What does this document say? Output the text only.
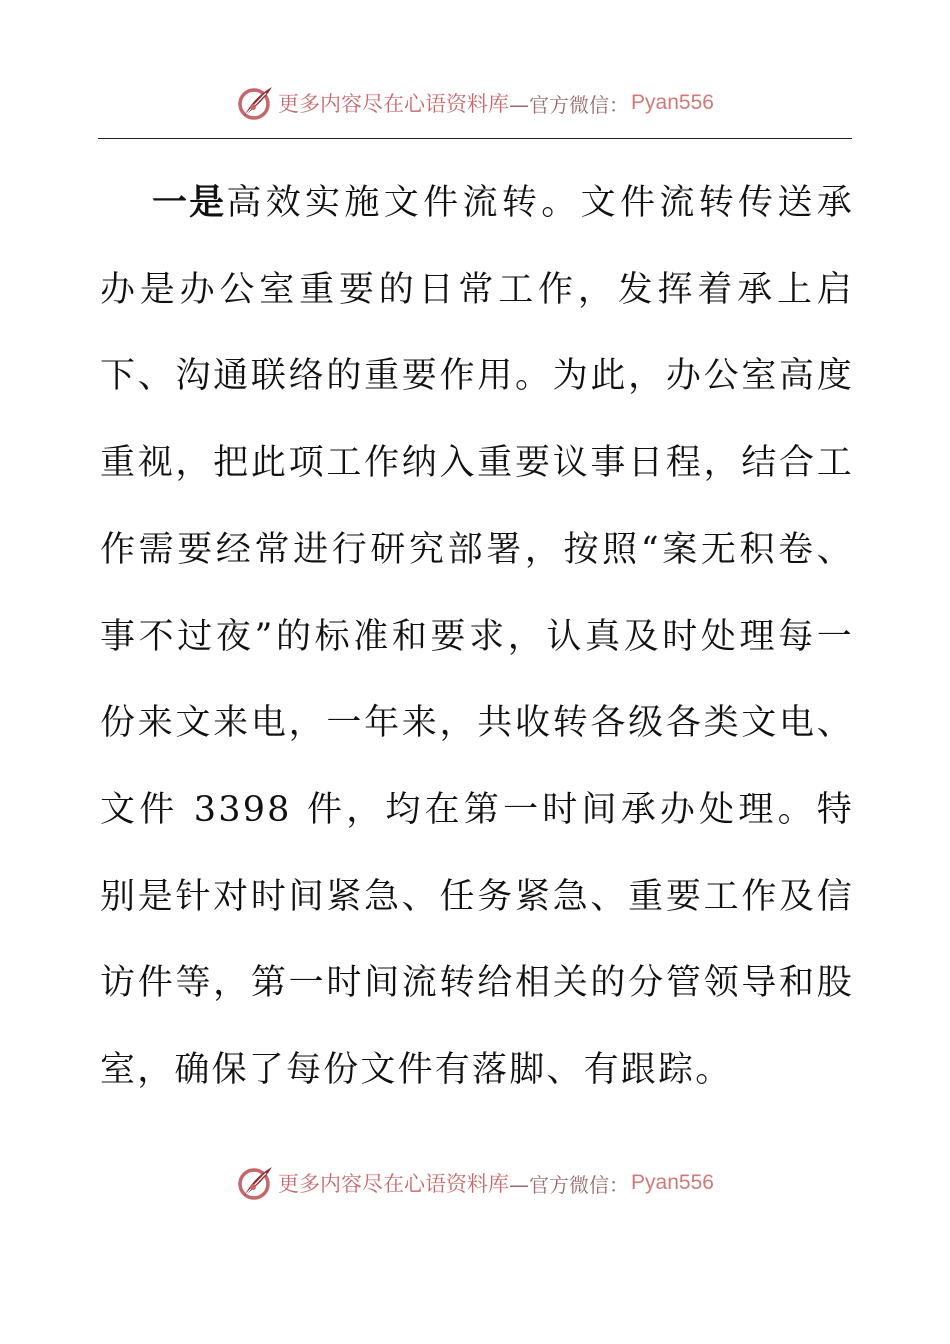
更多内容尽在心语资料库 —官方微信： Pyan556

一是高效实施文件流转。文件流转传送承办是办公室重要的日常工作，发挥着承上启下、沟通联络的重要作用。为此，办公室高度重视，把此项工作纳入重要议事日程，结合工作需要经常进行研究部署，按照“案无积卷、事不过夜”的标准和要求，认真及时处理每一份来文来电，一年来，共收转各级各类文电、文件 3398 件，均在第一时间承办处理。特别是针对时间紧急、任务紧急、重要工作及信访件等，第一时间流转给相关的分管领导和股室，确保了每份文件有落脚、有跟踪。

更多内容尽在心语资料库 —官方微信： Pyan556
